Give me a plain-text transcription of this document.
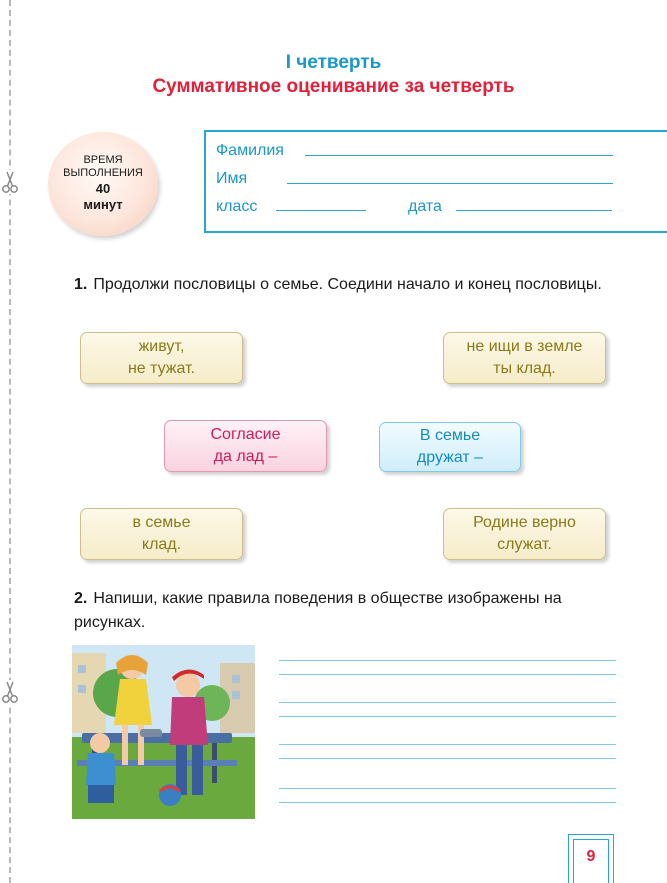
I четверть
Суммативное оценивание за четверть
ВРЕМЯ
ВЫПОЛНЕНИЯ
40
минут
Фамилия
Имя
класс	дата
1. Продолжи пословицы о семье. Соедини начало и конец пословицы.
живут,
не тужат.
не ищи в земле
ты клад.
Согласие
да лад –
В семье
дружат –
в семье
клад.
Родине верно
служат.
2. Напиши, какие правила поведения в обществе изображены на рисунках.
9
